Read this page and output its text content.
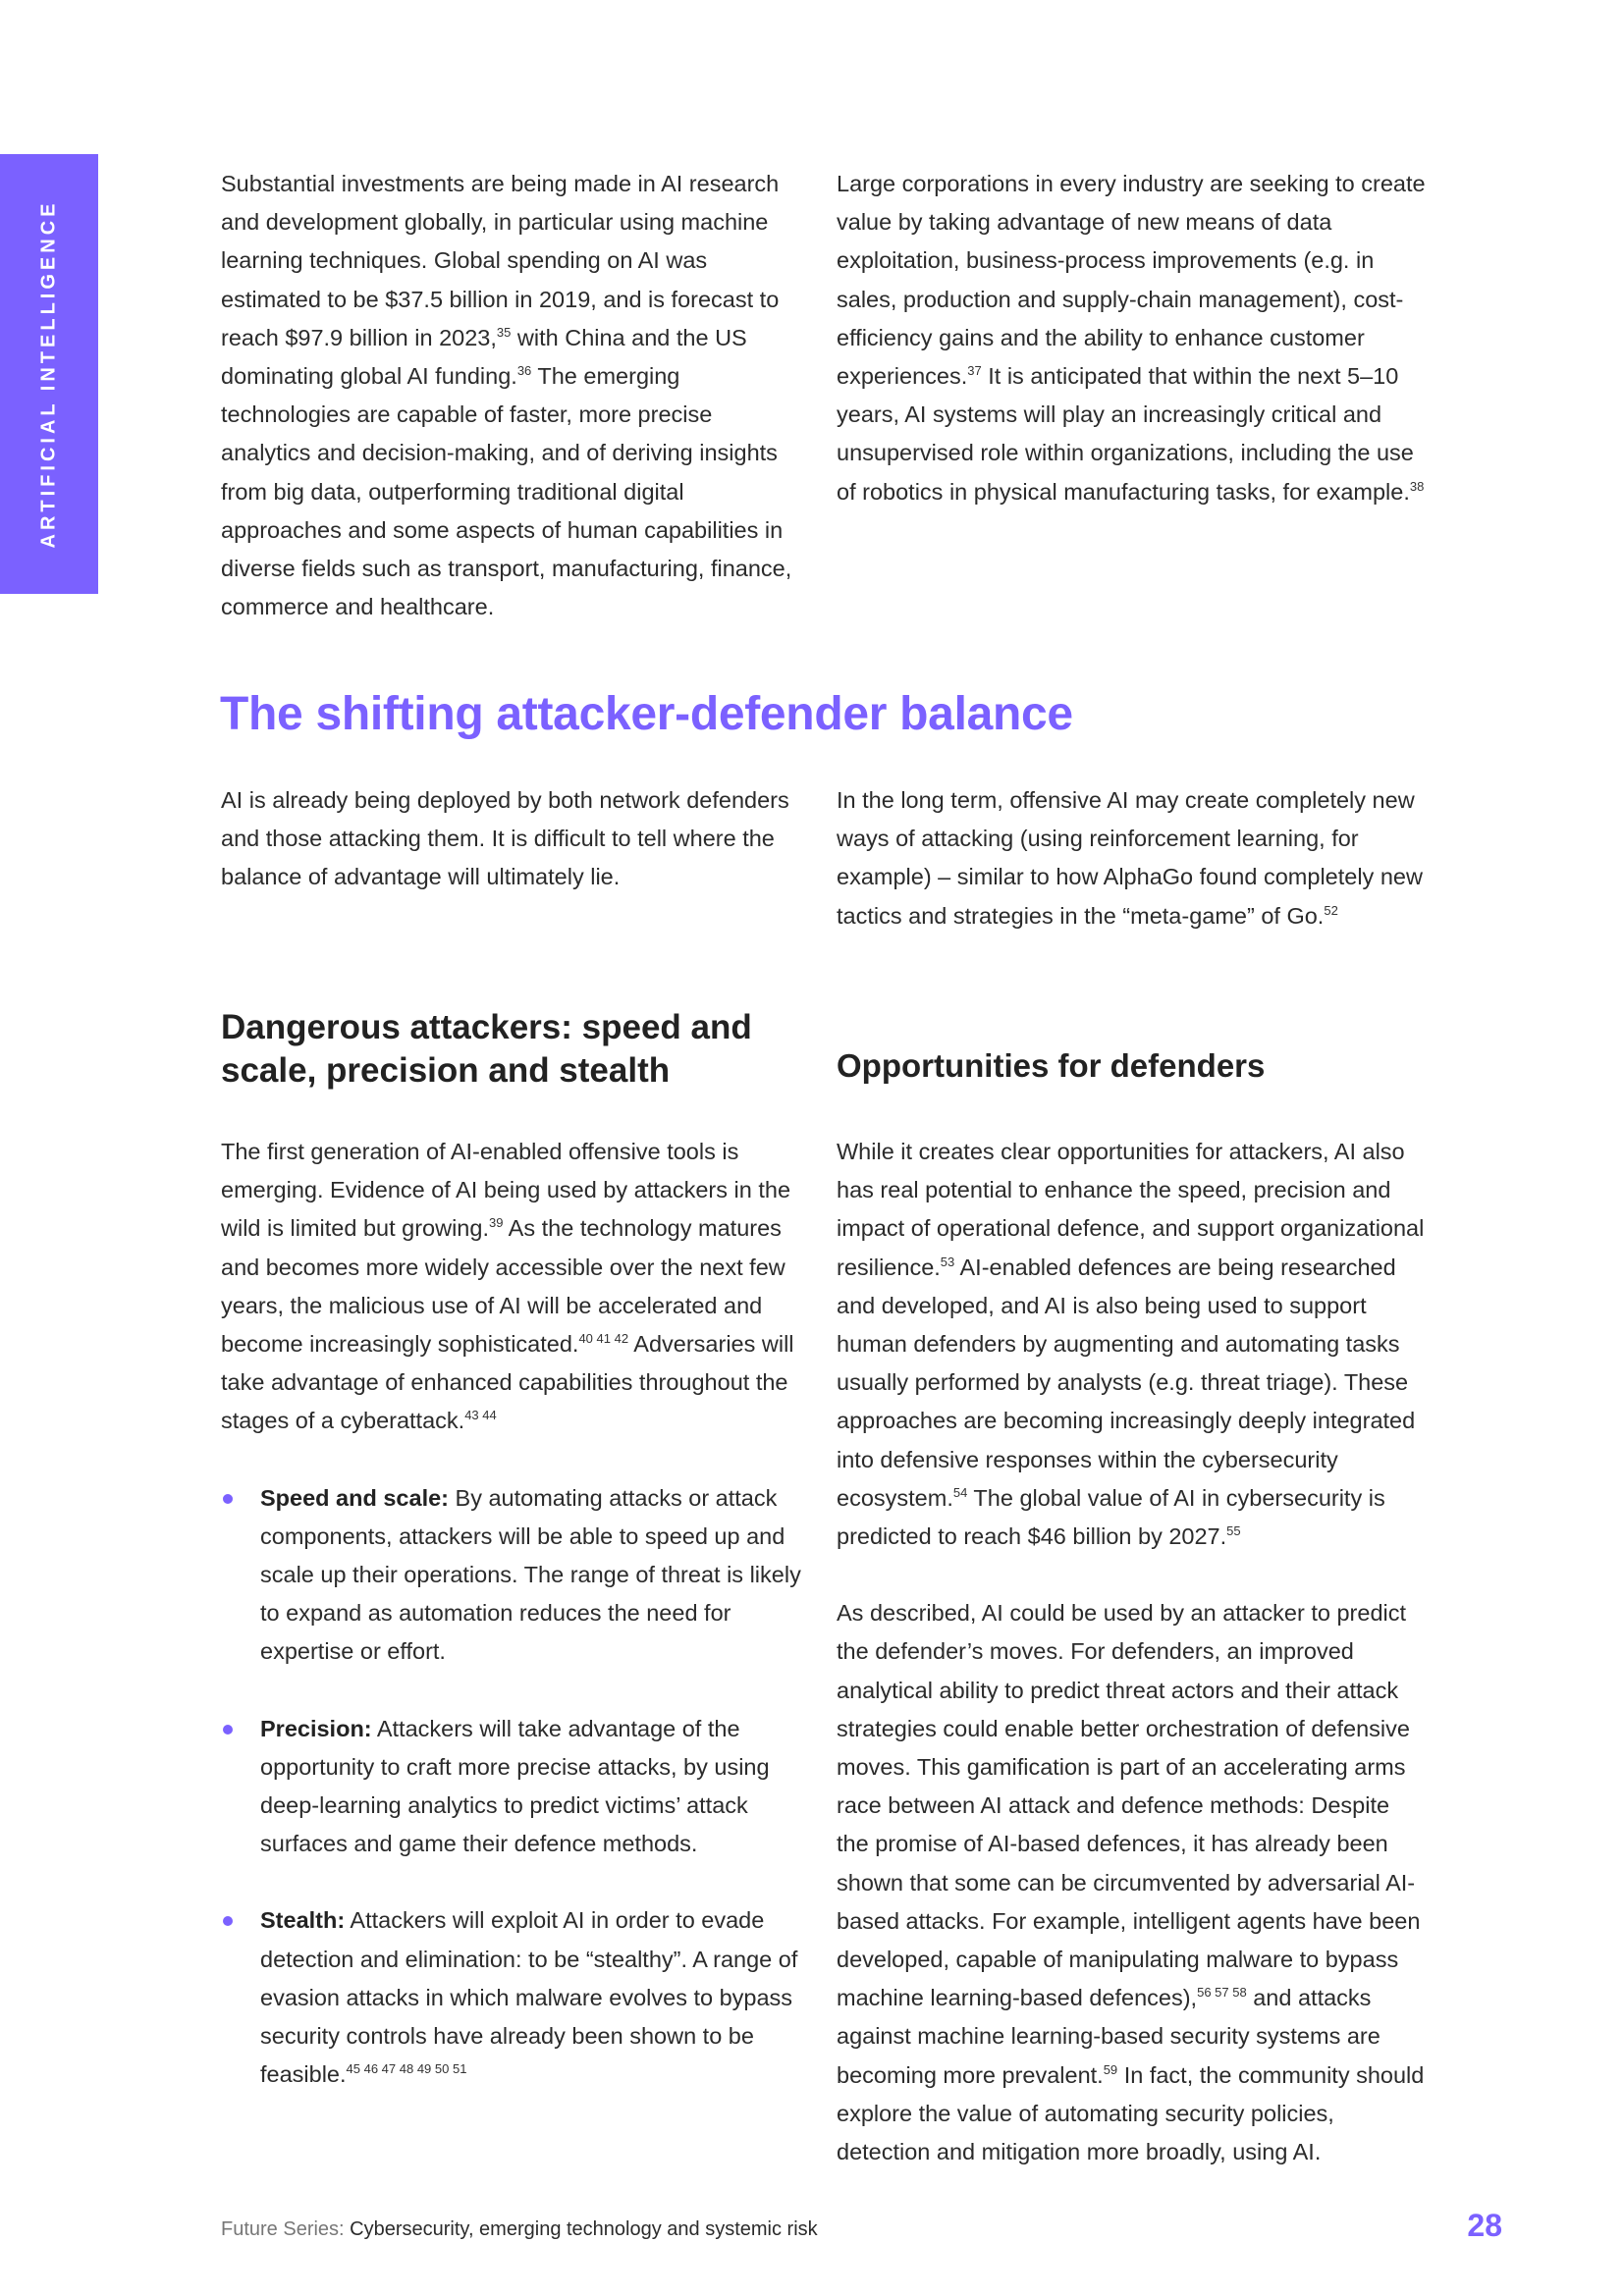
ARTIFICIAL INTELLIGENCE

Substantial investments are being made in AI research and development globally, in particular using machine learning techniques. Global spending on AI was estimated to be $37.5 billion in 2019, and is forecast to reach $97.9 billion in 2023,35 with China and the US dominating global AI funding.$^{36}$ The emerging technologies are capable of faster, more precise analytics and decision-making, and of deriving insights from big data, outperforming traditional digital approaches and some aspects of human capabilities in diverse fields such as transport, manufacturing, finance, commerce and healthcare.

Large corporations in every industry are seeking to create value by taking advantage of new means of data exploitation, business-process improvements (e.g. in sales, production and supply-chain management), cost-efficiency gains and the ability to enhance customer experiences.$^{37}$ It is anticipated that within the next 5–10 years, AI systems will play an increasingly critical and unsupervised role within organizations, including the use of robotics in physical manufacturing tasks, for example.$^{38}$

The shifting attacker-defender balance

AI is already being deployed by both network defenders and those attacking them. It is difficult to tell where the balance of advantage will ultimately lie.

In the long term, offensive AI may create completely new ways of attacking (using reinforcement learning, for example) – similar to how AlphaGo found completely new tactics and strategies in the “meta-game” of Go.$^{52}$

Dangerous attackers: speed and scale, precision and stealth

The first generation of AI-enabled offensive tools is emerging. Evidence of AI being used by attackers in the wild is limited but growing.$^{39}$ As the technology matures and becomes more widely accessible over the next few years, the malicious use of AI will be accelerated and become increasingly sophisticated.$^{40 41 42}$ Adversaries will take advantage of enhanced capabilities throughout the stages of a cyberattack.$^{43 44}$

Speed and scale: By automating attacks or attack components, attackers will be able to speed up and scale up their operations. The range of threat is likely to expand as automation reduces the need for expertise or effort.
Precision: Attackers will take advantage of the opportunity to craft more precise attacks, by using deep-learning analytics to predict victims’ attack surfaces and game their defence methods.
Stealth: Attackers will exploit AI in order to evade detection and elimination: to be “stealthy”. A range of evasion attacks in which malware evolves to bypass security controls have already been shown to be feasible.$^{45 46 47 48 49 50 51}$
Opportunities for defenders

While it creates clear opportunities for attackers, AI also has real potential to enhance the speed, precision and impact of operational defence, and support organizational resilience.$^{53}$ AI-enabled defences are being researched and developed, and AI is also being used to support human defenders by augmenting and automating tasks usually performed by analysts (e.g. threat triage). These approaches are becoming increasingly deeply integrated into defensive responses within the cybersecurity ecosystem.$^{54}$ The global value of AI in cybersecurity is predicted to reach $46 billion by 2027.55

As described, AI could be used by an attacker to predict the defender’s moves. For defenders, an improved analytical ability to predict threat actors and their attack strategies could enable better orchestration of defensive moves. This gamification is part of an accelerating arms race between AI attack and defence methods: Despite the promise of AI-based defences, it has already been shown that some can be circumvented by adversarial AI-based attacks. For example, intelligent agents have been developed, capable of manipulating malware to bypass machine learning-based defences),$^{56 57 58}$ and attacks against machine learning-based security systems are becoming more prevalent.$^{59}$ In fact, the community should explore the value of automating security policies, detection and mitigation more broadly, using AI.

Future Series: Cybersecurity, emerging technology and systemic risk	28
